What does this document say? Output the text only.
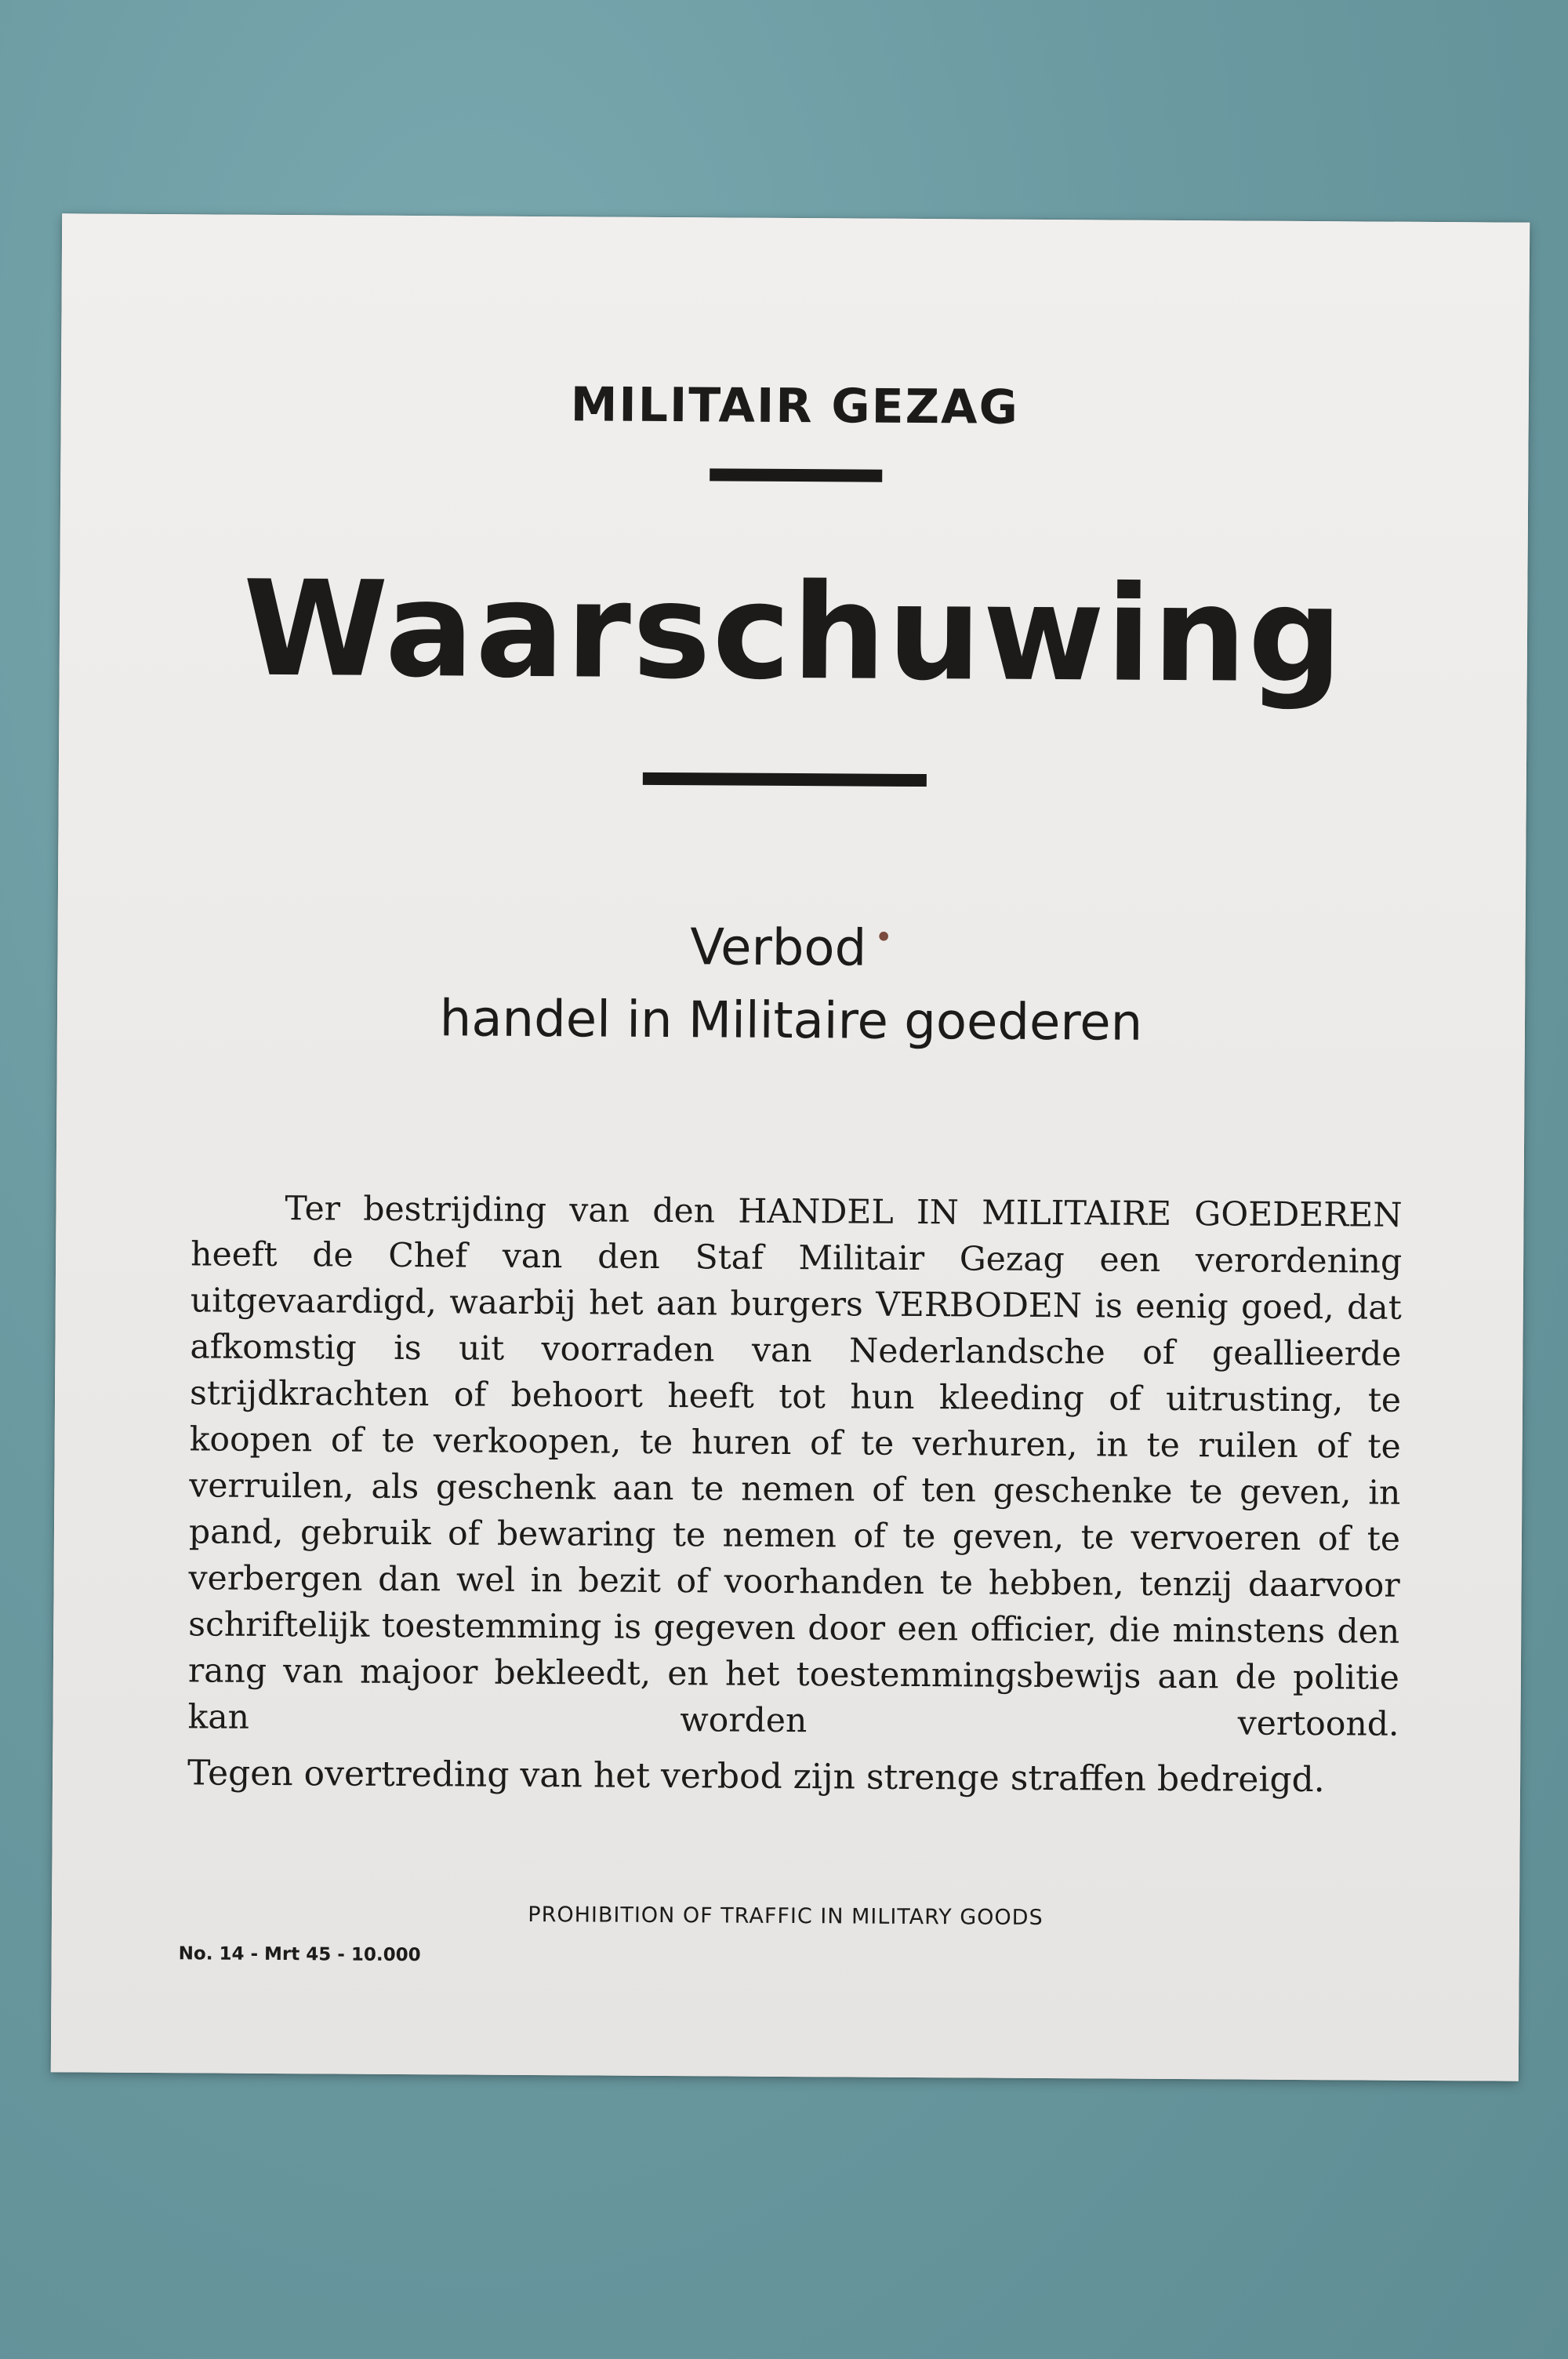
MILITAIR GEZAG
Waarschuwing
Verbod •
handel in Militaire goederen

Ter bestrijding van den HANDEL IN MILITAIRE GOEDEREN heeft de Chef van den Staf Militair Gezag een verordening uitgevaardigd, waarbij het aan burgers VERBODEN is eenig goed, dat afkomstig is uit voorraden van Nederlandsche of geallieerde strijdkrachten of behoort heeft tot hun kleeding of uitrusting, te koopen of te verkoopen, te huren of te verhuren, in te ruilen of te verruilen, als geschenk aan te nemen of ten geschenke te geven, in pand, gebruik of bewaring te nemen of te geven, te vervoeren of te verbergen dan wel in bezit of voorhanden te hebben, tenzij daarvoor schriftelijk toestemming is gegeven door een officier, die minstens den rang van majoor bekleedt, en het toestemmingsbewijs aan de politie kan worden vertoond.

Tegen overtreding van het verbod zijn strenge straffen bedreigd.

PROHIBITION OF TRAFFIC IN MILITARY GOODS
No. 14 - Mrt 45 - 10.000
